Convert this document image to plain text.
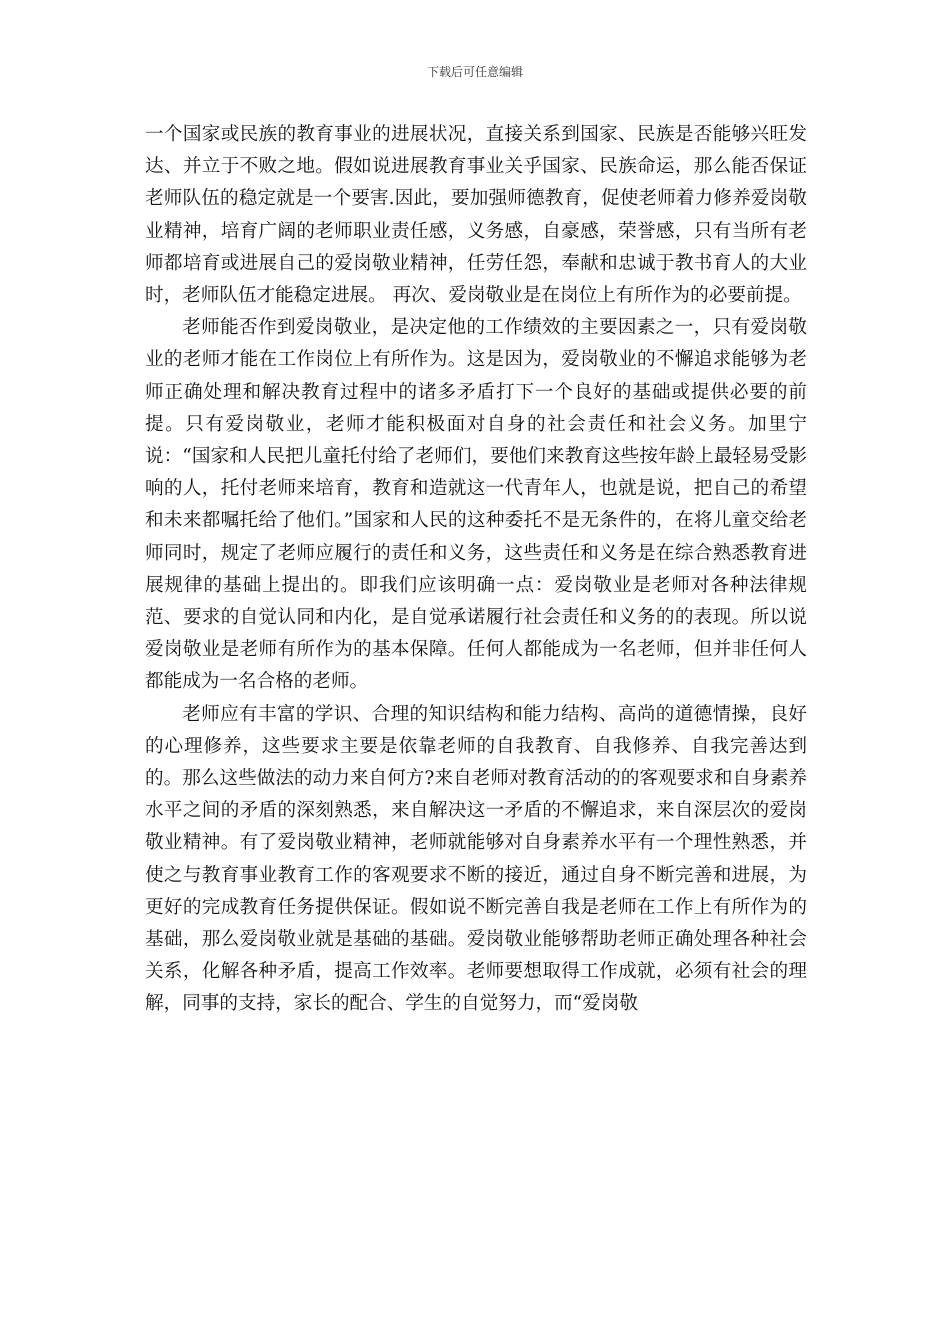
下载后可任意编辑

一个国家或民族的教育事业的进展状况，直接关系到国家、民族是否能够兴旺发达、并立于不败之地。假如说进展教育事业关乎国家、民族命运，那么能否保证老师队伍的稳定就是一个要害.因此，要加强师德教育，促使老师着力修养爱岗敬业精神，培育广阔的老师职业责任感，义务感，自豪感，荣誉感，只有当所有老师都培育或进展自己的爱岗敬业精神，任劳任怨，奉献和忠诚于教书育人的大业时，老师队伍才能稳定进展。 再次、爱岗敬业是在岗位上有所作为的必要前提。

老师能否作到爱岗敬业，是决定他的工作绩效的主要因素之一，只有爱岗敬业的老师才能在工作岗位上有所作为。这是因为，爱岗敬业的不懈追求能够为老师正确处理和解决教育过程中的诸多矛盾打下一个良好的基础或提供必要的前提。只有爱岗敬业，老师才能积极面对自身的社会责任和社会义务。加里宁说：“国家和人民把儿童托付给了老师们，要他们来教育这些按年龄上最轻易受影响的人，托付老师来培育，教育和造就这一代青年人，也就是说，把自己的希望和未来都嘱托给了他们。”国家和人民的这种委托不是无条件的，在将儿童交给老师同时，规定了老师应履行的责任和义务，这些责任和义务是在综合熟悉教育进展规律的基础上提出的。即我们应该明确一点：爱岗敬业是老师对各种法律规范、要求的自觉认同和内化，是自觉承诺履行社会责任和义务的的表现。所以说爱岗敬业是老师有所作为的基本保障。任何人都能成为一名老师，但并非任何人都能成为一名合格的老师。

老师应有丰富的学识、合理的知识结构和能力结构、高尚的道德情操，良好的心理修养，这些要求主要是依靠老师的自我教育、自我修养、自我完善达到的。那么这些做法的动力来自何方?来自老师对教育活动的的客观要求和自身素养水平之间的矛盾的深刻熟悉，来自解决这一矛盾的不懈追求，来自深层次的爱岗敬业精神。有了爱岗敬业精神，老师就能够对自身素养水平有一个理性熟悉，并使之与教育事业教育工作的客观要求不断的接近，通过自身不断完善和进展，为更好的完成教育任务提供保证。假如说不断完善自我是老师在工作上有所作为的基础，那么爱岗敬业就是基础的基础。爱岗敬业能够帮助老师正确处理各种社会关系，化解各种矛盾，提高工作效率。老师要想取得工作成就，必须有社会的理解，同事的支持，家长的配合、学生的自觉努力，而“爱岗敬
